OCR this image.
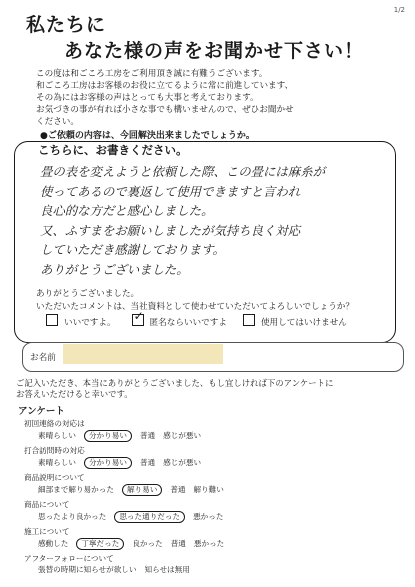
1/2
私たちに
あなた様の声をお聞かせ下さい！
この度は和ごころ工房をご利用頂き誠に有難うございます。
和ごころ工房はお客様のお役に立てるように常に前進しています、
その為にはお客様の声はとっても大事と考えております。
お気づきの事が有れば小さな事でも構いませんので、ぜひお聞かせ
ください。
●ご依頼の内容は、今回解決出来ましたでしょうか。
こちらに、お書きください。
畳の表を変えようと依頼した際、この畳には麻糸が
使ってあるので裏返して使用できますと言われ
良心的な方だと感心しました。
又、ふすまをお願いしましたが気持ち良く対応
していただき感謝しております。
ありがとうございました。
ありがとうございました。
いただいたコメントは、当社資料として使わせていただいてよろしいでしょうか？
いいですよ。 ✓ 匿名ならいいですよ	使用してはいけません
お名前
ご記入いただき、本当にありがとうございました、もし宜しければ下のアンケートに
お答えいただけると幸いです。
アンケート
初回連絡の対応は
素晴らしい 分かり易い 普通 感じが悪い
打合訪問時の対応
素晴らしい 分かり易い 普通 感じが悪い
商品説明について
細部まで解り易かった 解り易い 普通 解り難い
商品について
思ったより良かった 思った通りだった 悪かった
施工について
感動した 丁寧だった 良かった 普通 悪かった
アフターフォローについて
張替の時期に知らせが欲しい 知らせは無用
